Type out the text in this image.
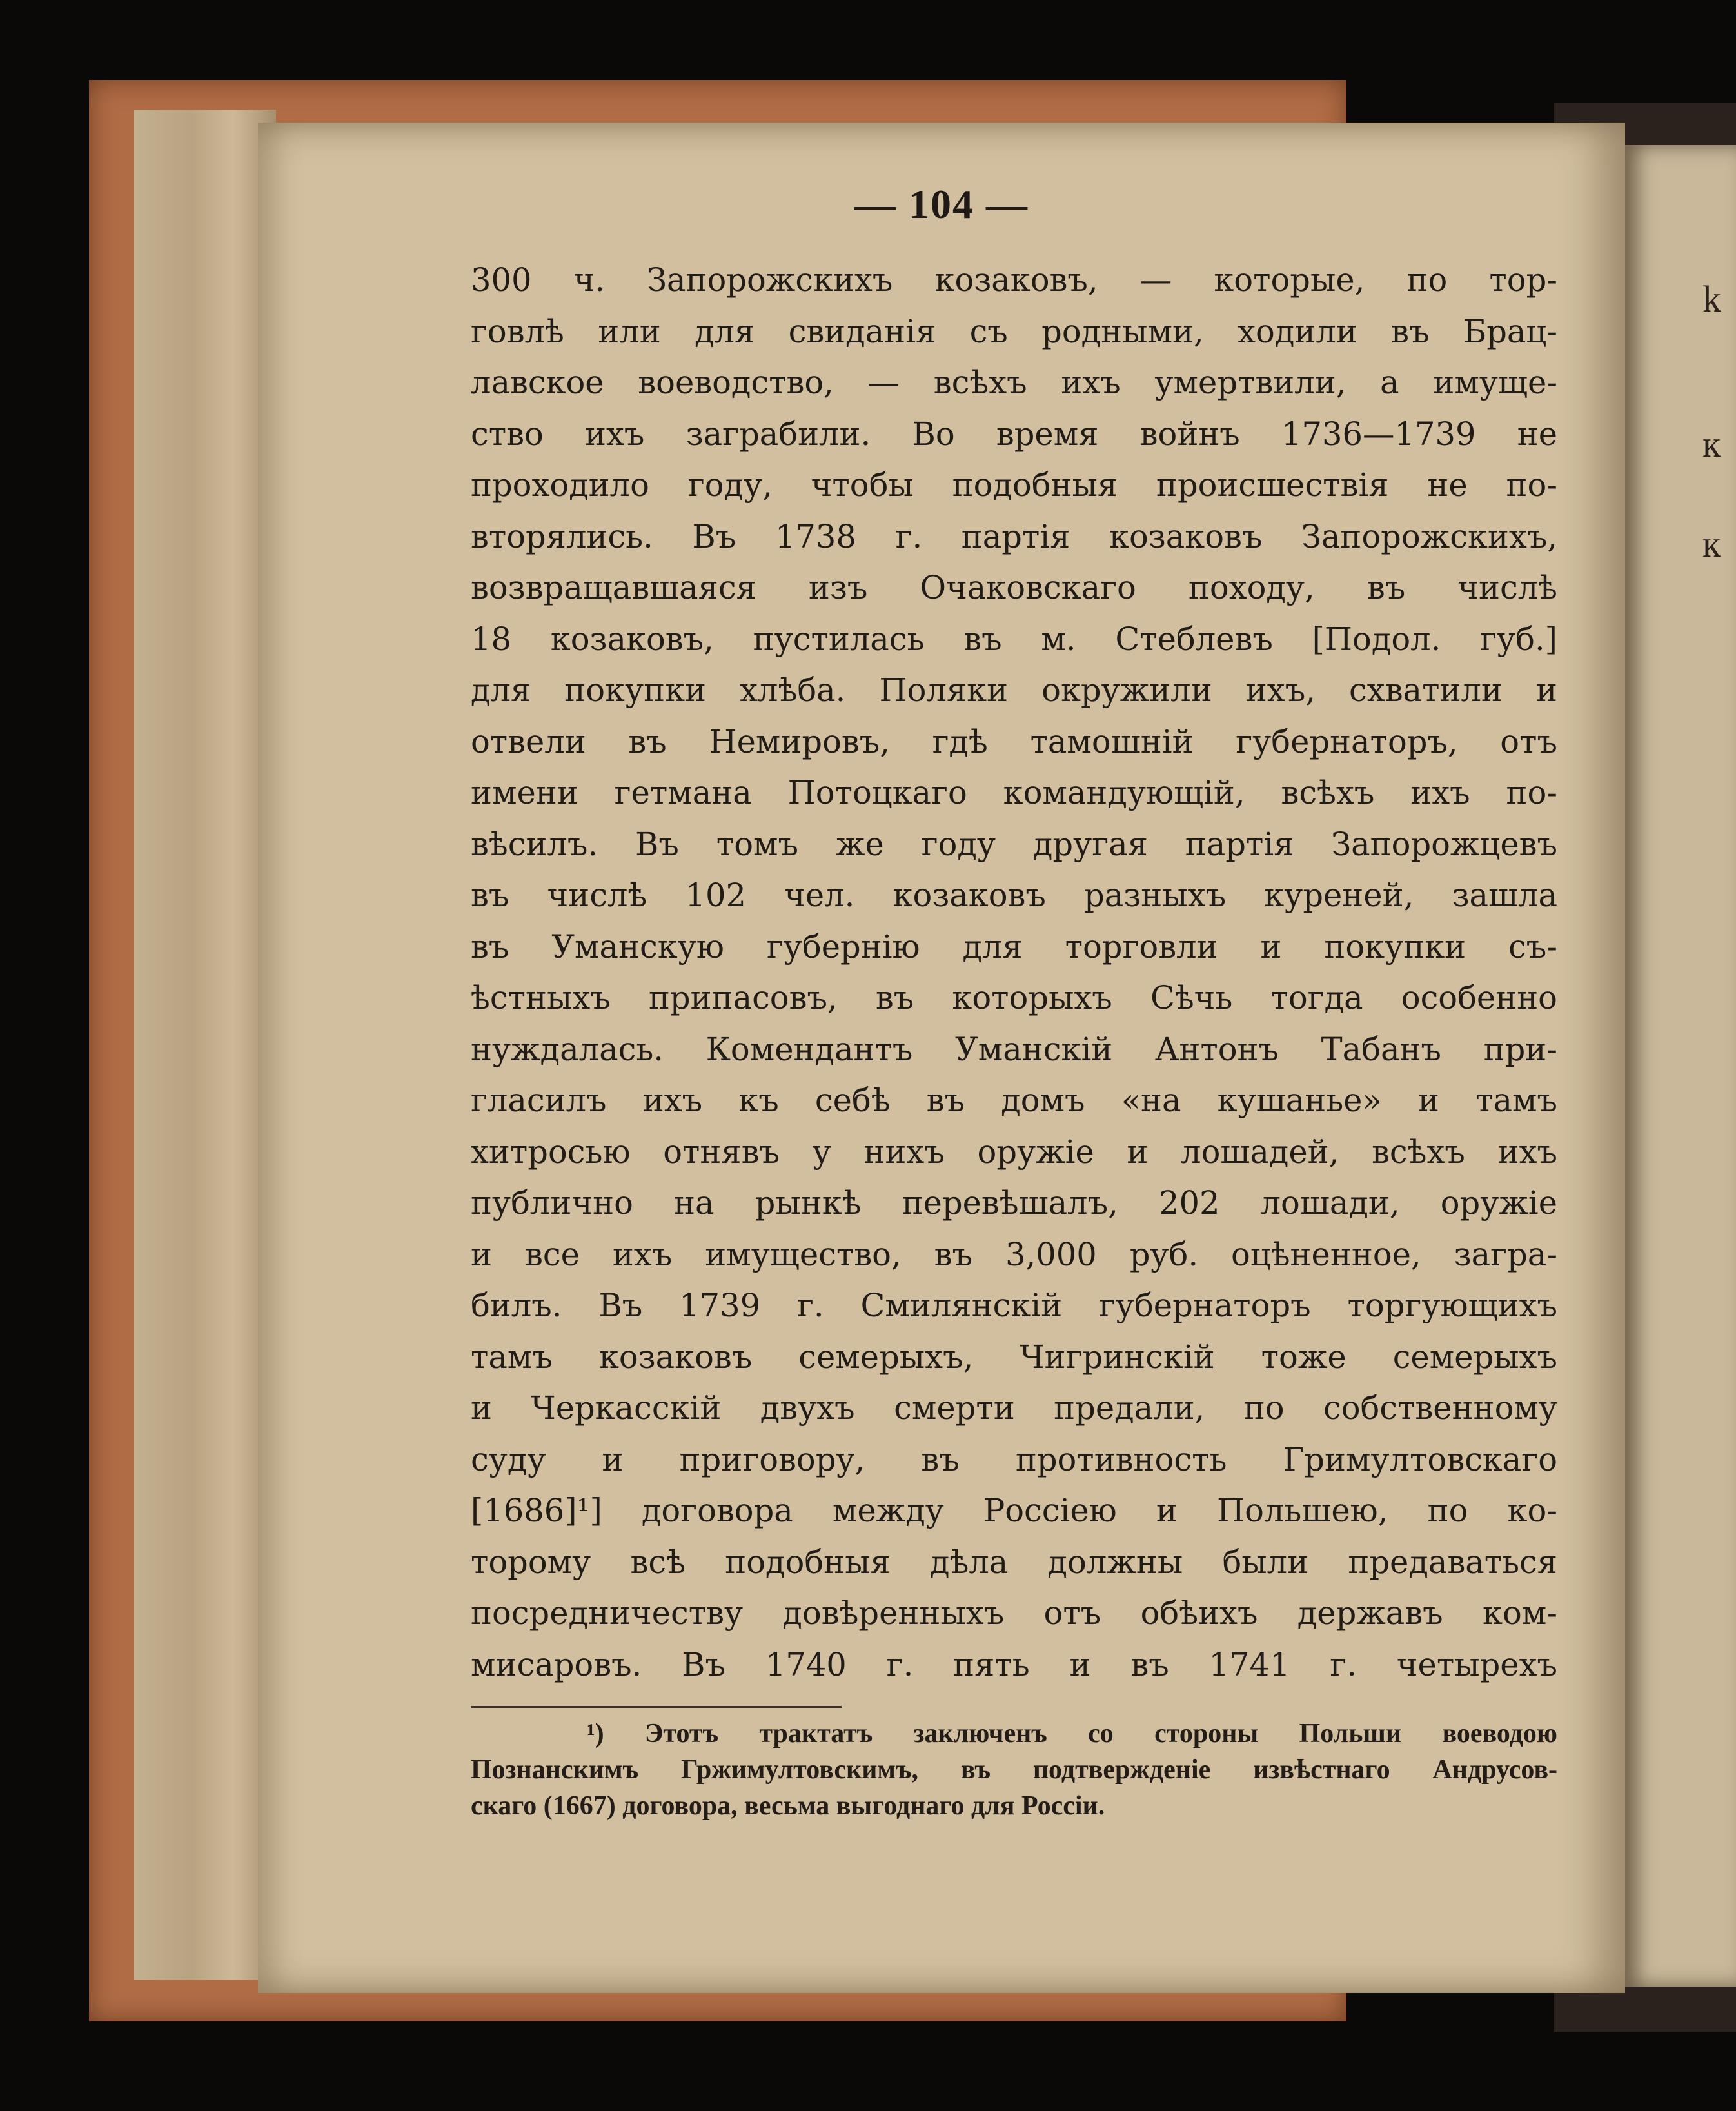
k
к
к
— 104 —
300 ч. Запорожскихъ козаковъ, — которые, по тор-
говлѣ или для свиданія съ родными, ходили въ Брац-
лавское воеводство, — всѣхъ ихъ умертвили, а имуще-
ство ихъ заграбили. Во время войнъ 1736—1739 не
проходило году, чтобы подобныя происшествія не по-
вторялись. Въ 1738 г. партія козаковъ Запорожскихъ,
возвращавшаяся изъ Очаковскаго походу, въ числѣ
18 козаковъ, пустилась въ м. Стеблевъ [Подол. губ.]
для покупки хлѣба. Поляки окружили ихъ, схватили и
отвели въ Немировъ, гдѣ тамошній губернаторъ, отъ
имени гетмана Потоцкаго командующій, всѣхъ ихъ по-
вѣсилъ. Въ томъ же году другая партія Запорожцевъ
въ числѣ 102 чел. козаковъ разныхъ куреней, зашла
въ Уманскую губернію для торговли и покупки съ-
ѣстныхъ припасовъ, въ которыхъ Сѣчь тогда особенно
нуждалась. Комендантъ Уманскій Антонъ Табанъ при-
гласилъ ихъ къ себѣ въ домъ «на кушанье» и тамъ
хитросью отнявъ у нихъ оружіе и лошадей, всѣхъ ихъ
публично на рынкѣ перевѣшалъ, 202 лошади, оружіе
и все ихъ имущество, въ 3,000 руб. оцѣненное, загра-
билъ. Въ 1739 г. Смилянскій губернаторъ торгующихъ
тамъ козаковъ семерыхъ, Чигринскій тоже семерыхъ
и Черкасскій двухъ смерти предали, по собственному
суду и приговору, въ противность Гримултовскаго
[1686]¹] договора между Россіею и Польшею, по ко-
торому всѣ подобныя дѣла должны были предаваться
посредничеству довѣренныхъ отъ обѣихъ державъ ком-
мисаровъ. Въ 1740 г. пять и въ 1741 г. четырехъ
¹) Этотъ трактатъ заключенъ со стороны Польши воеводою
Познанскимъ Гржимултовскимъ, въ подтвержденіе извѣстнаго Андрусов-
скаго (1667) договора, весьма выгоднаго для Россіи.
